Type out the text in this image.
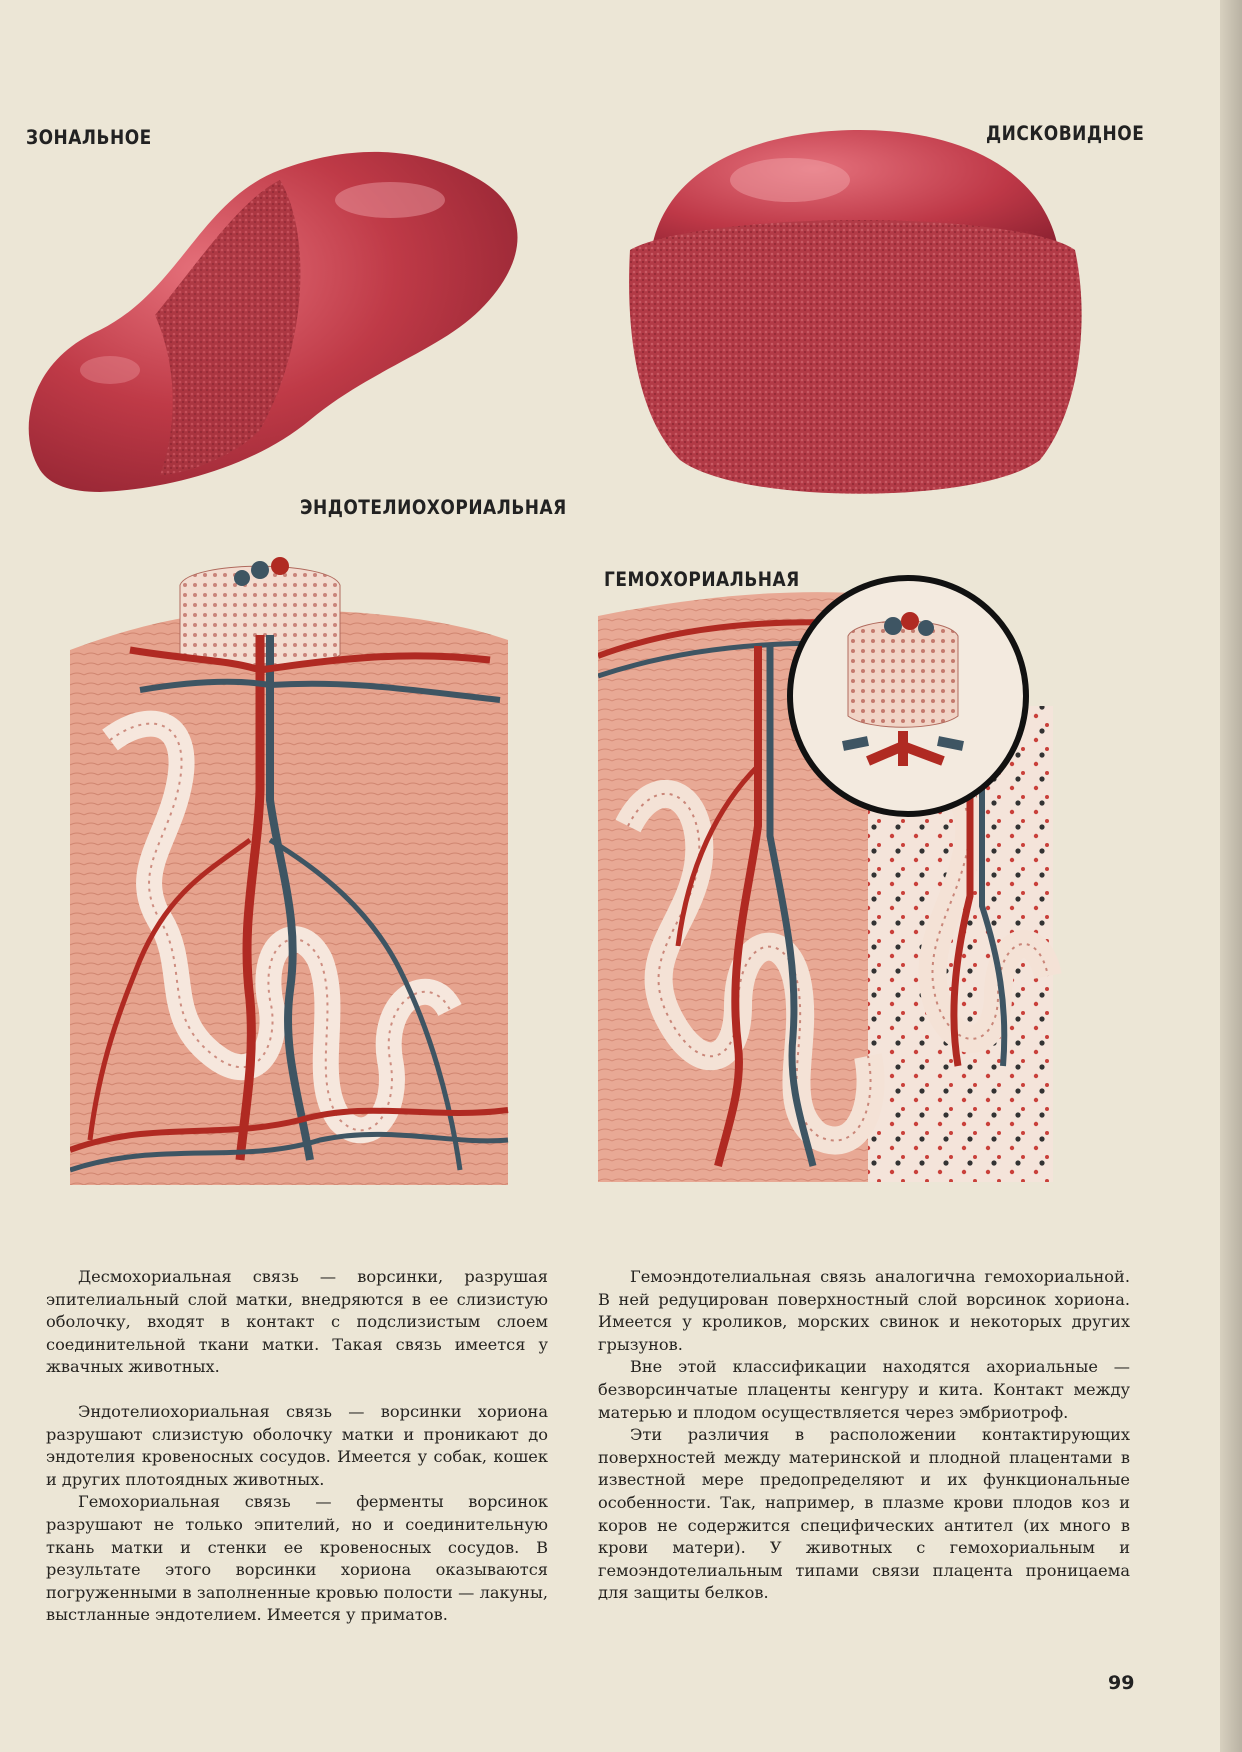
ЗОНАЛЬНОЕ	ДИСКОВИДНОЕ
ЭНДОТЕЛИОХОРИАЛЬНАЯ
ГЕМОХОРИАЛЬНАЯ

Десмохориальная связь — ворсинки, разрушая эпителиальный слой матки, внедряются в ее слизистую оболочку, входят в контакт с подслизистым слоем соединительной ткани матки. Такая связь имеется у жвачных животных.

Эндотелиохориальная связь — ворсинки хориона разрушают слизистую оболочку матки и проникают до эндотелия кровеносных сосудов. Имеется у собак, кошек и других плотоядных животных.

Гемохориальная связь — ферменты ворсинок разрушают не только эпителий, но и соединительную ткань матки и стенки ее кровеносных сосудов. В результате этого ворсинки хориона оказываются погруженными в заполненные кровью полости — лакуны, выстланные эндотелием. Имеется у приматов.

Гемоэндотелиальная связь аналогична гемохориальной. В ней редуцирован поверхностный слой ворсинок хориона. Имеется у кроликов, морских свинок и некоторых других грызунов.

Вне этой классификации находятся ахориальные — безворсинчатые плаценты кенгуру и кита. Контакт между матерью и плодом осуществляется через эмбриотроф.

Эти различия в расположении контактирующих поверхностей между материнской и плодной плацентами в известной мере предопределяют и их функциональные особенности. Так, например, в плазме крови плодов коз и коров не содержится специфических антител (их много в крови матери). У животных с гемохориальным и гемоэндотелиальным типами связи плацента проницаема для защиты белков.

99
